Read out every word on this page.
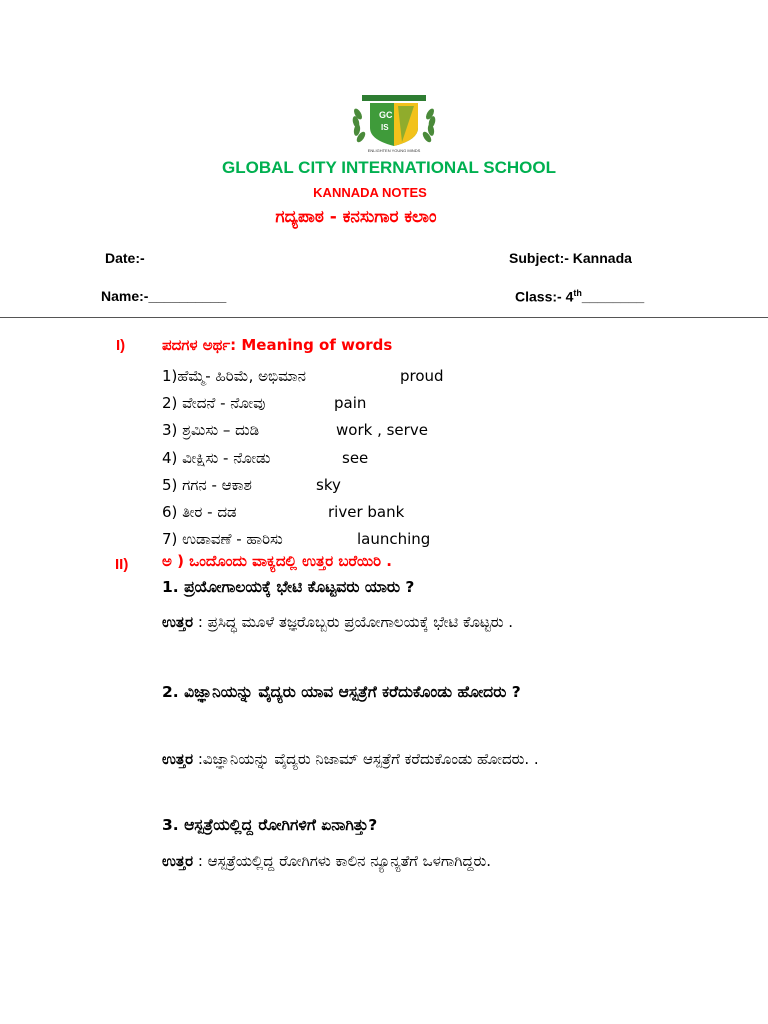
GC
IS
ENLIGHTEN YOUNG MINDS
GLOBAL CITY INTERNATIONAL SCHOOL
KANNADA NOTES
ಗದ್ಯಪಾಠ - ಕನಸುಗಾರ ಕಲಾಂ
Date:-	Subject:- Kannada
Name:-__________	Class:- 4th________
I) ಪದಗಳ ಅರ್ಥ: Meaning of words
1)ಹೆಮ್ಮೆ- ಹಿರಿಮೆ, ಅಭಿಮಾನ	proud
2) ವೇದನೆ - ನೋವು	pain
3) ಶ್ರಮಿಸು – ದುಡಿ	work , serve
4) ವೀಕ್ಷಿಸು - ನೋಡು	see
5) ಗಗನ - ಆಕಾಶ	sky
6) ತೀರ - ದಡ	river bank
7) ಉಡಾವಣೆ - ಹಾರಿಸು	launching
II) ಅ ) ಒಂದೊಂದು ವಾಕ್ಯದಲ್ಲಿ ಉತ್ತರ ಬರೆಯಿರಿ .
1. ಪ್ರಯೋಗಾಲಯಕ್ಕೆ ಭೇಟಿ ಕೊಟ್ಟವರು ಯಾರು ?
ಉತ್ತರ : ಪ್ರಸಿದ್ಧ ಮೂಳೆ ತಜ್ಞರೊಬ್ಬರು ಪ್ರಯೋಗಾಲಯಕ್ಕೆ ಭೇಟಿ ಕೊಟ್ಟರು .
2. ವಿಜ್ಞಾನಿಯನ್ನು ವೈದ್ಯರು ಯಾವ ಆಸ್ಪತ್ರೆಗೆ ಕರೆದುಕೊಂಡು ಹೋದರು ?
ಉತ್ತರ :ವಿಜ್ಞಾನಿಯನ್ನು ವೈದ್ಯರು ನಿಜಾಮ್ ಆಸ್ಪತ್ರೆಗೆ ಕರೆದುಕೊಂಡು ಹೋದರು. .
3. ಆಸ್ಪತ್ರೆಯಲ್ಲಿದ್ದ ರೋಗಿಗಳಿಗೆ ಏನಾಗಿತ್ತು?
ಉತ್ತರ : ಆಸ್ಪತ್ರೆಯಲ್ಲಿದ್ದ ರೋಗಿಗಳು ಕಾಲಿನ ನ್ಯೂನ್ಯತೆಗೆ ಒಳಗಾಗಿದ್ದರು.
